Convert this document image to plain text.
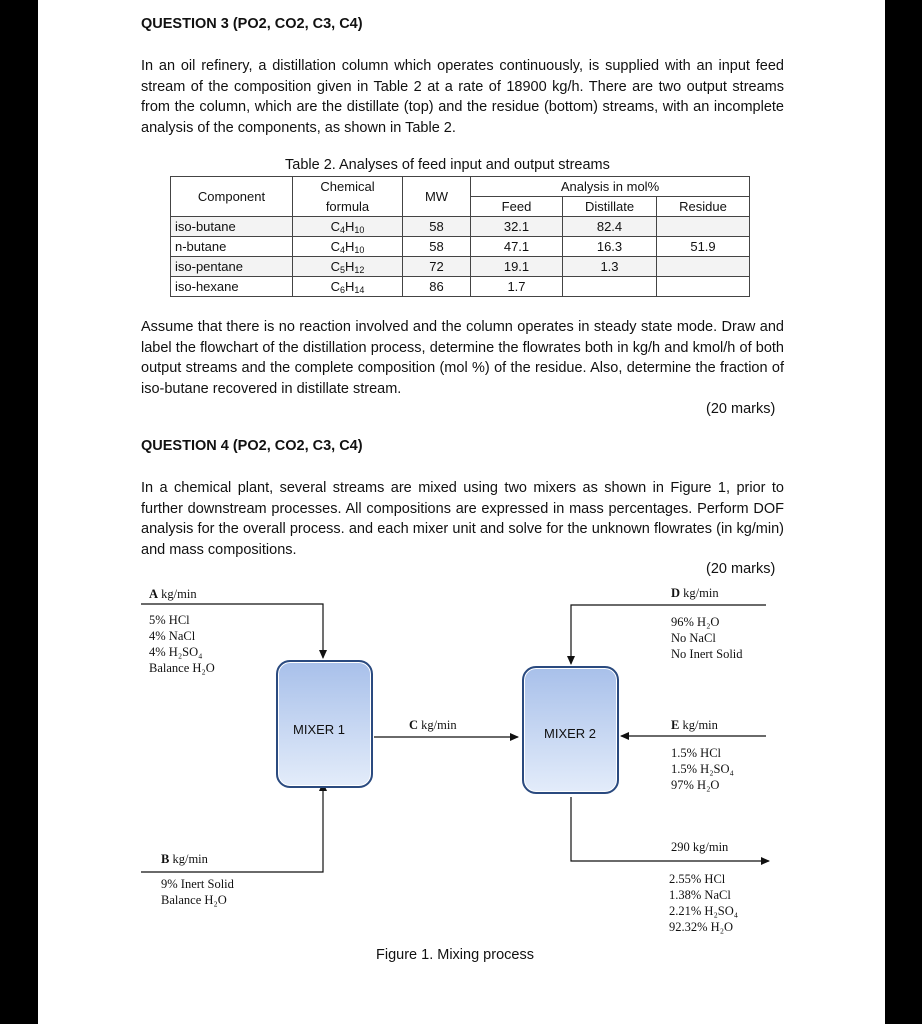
QUESTION 3 (PO2, CO2, C3, C4)
In an oil refinery, a distillation column which operates continuously, is supplied with an input feed stream of the composition given in Table 2 at a rate of 18900 kg/h. There are two output streams from the column, which are the distillate (top) and the residue (bottom) streams, with an incomplete analysis of the components, as shown in Table 2.
Table 2. Analyses of feed input and output streams
Component	Chemical	MW	Analysis in mol%		
	formula		Feed	Distillate	Residue
iso-butane	$C_4H_{10}$	58	32.1	82.4	
n-butane	$C_4H_{10}$	58	47.1	16.3	51.9
iso-pentane	$C_5H_{12}$	72	19.1	1.3	
iso-hexane	$C_6H_{14}$	86	1.7		
Assume that there is no reaction involved and the column operates in steady state mode. Draw and label the flowchart of the distillation process, determine the flowrates both in kg/h and kmol/h of both output streams and the complete composition (mol %) of the residue. Also, determine the fraction of iso-butane recovered in distillate stream.
(20 marks)
QUESTION 4 (PO2, CO2, C3, C4)
In a chemical plant, several streams are mixed using two mixers as shown in Figure 1, prior to further downstream processes. All compositions are expressed in mass percentages. Perform DOF analysis for the overall process. and each mixer unit and solve for the unknown flowrates (in kg/min) and mass compositions.
(20 marks)
MIXER 1	MIXER 2
A kg/min
5% HCl
4% NaCl
4% H₂SO₄
Balance H₂O
B kg/min
9% Inert Solid
Balance H₂O
C kg/min
D kg/min
96% H₂O
No NaCl
No Inert Solid
E kg/min
1.5% HCl
1.5% H₂SO₄
97% H₂O
290 kg/min
2.55% HCl
1.38% NaCl
2.21% H₂SO₄
92.32% H₂O
Figure 1. Mixing process
